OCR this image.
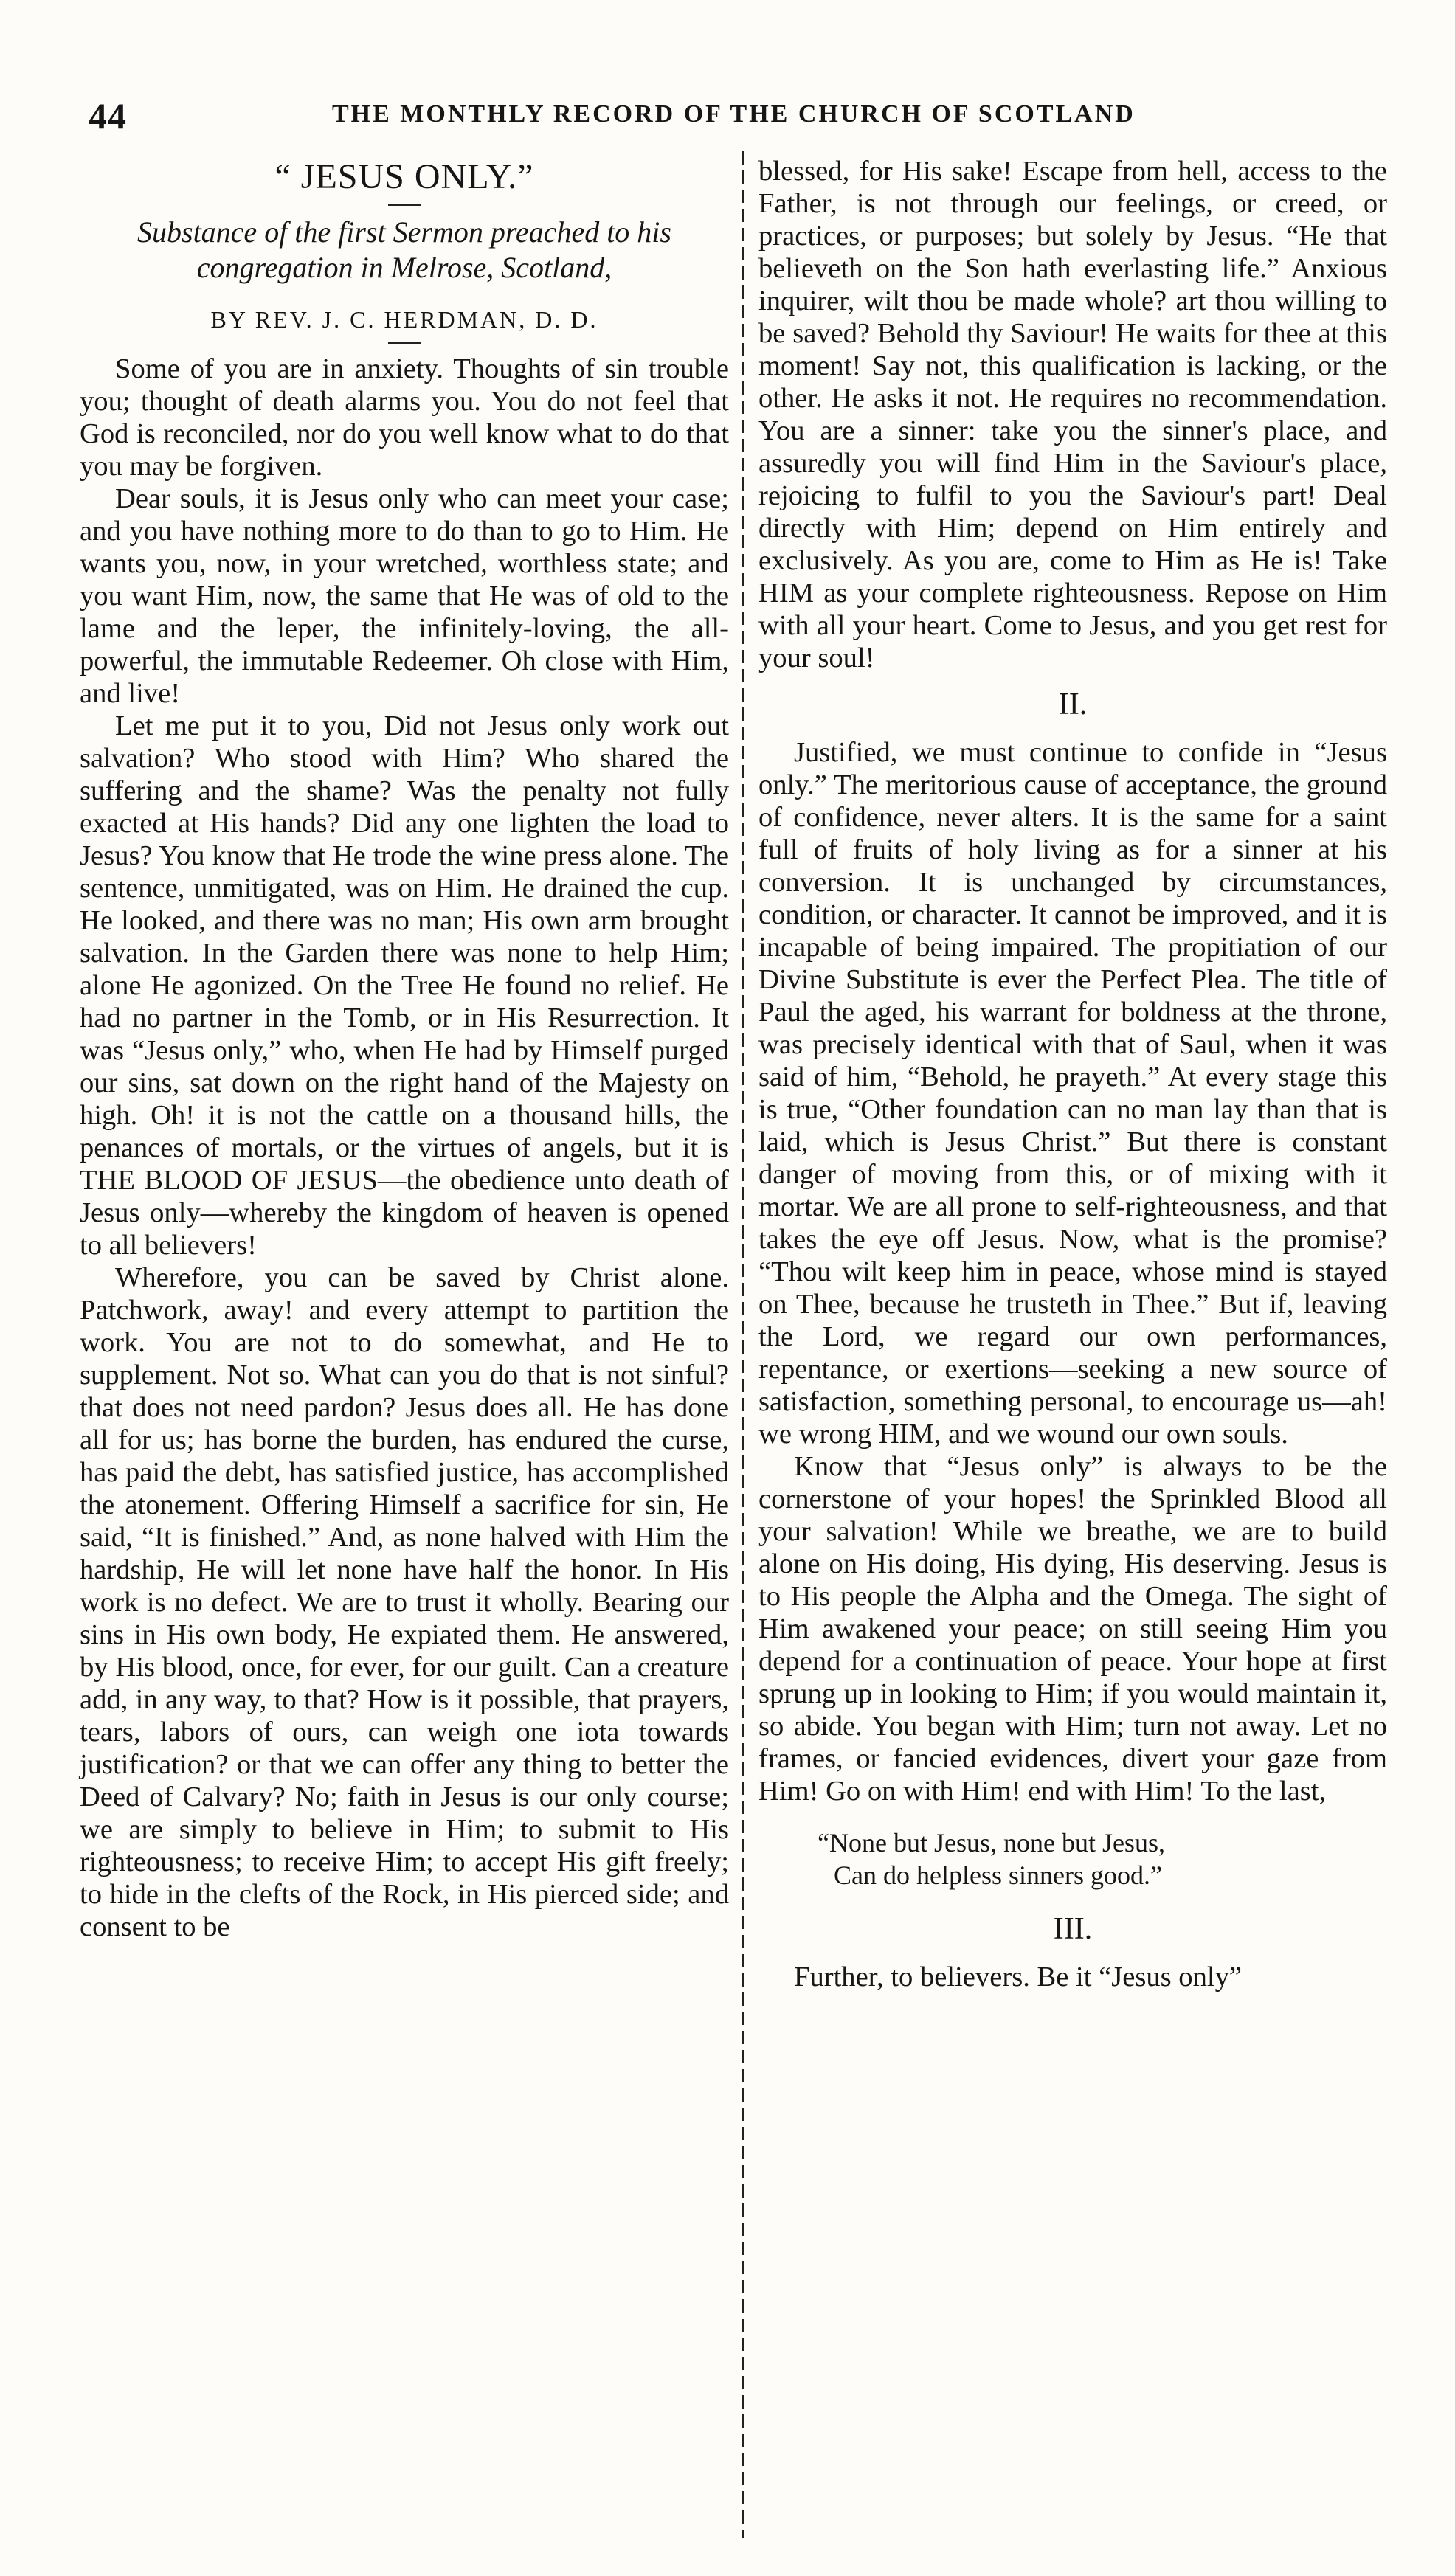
44	THE MONTHLY RECORD OF THE CHURCH OF SCOTLAND
“ JESUS ONLY.”
Substance of the first Sermon preached to his congregation in Melrose, Scotland,
BY REV. J. C. HERDMAN, D. D.

Some of you are in anxiety. Thoughts of sin trouble you; thought of death alarms you. You do not feel that God is reconciled, nor do you well know what to do that you may be forgiven.

Dear souls, it is Jesus only who can meet your case; and you have nothing more to do than to go to Him. He wants you, now, in your wretched, worthless state; and you want Him, now, the same that He was of old to the lame and the leper, the infinitely-loving, the all-powerful, the immutable Redeemer. Oh close with Him, and live!

Let me put it to you, Did not Jesus only work out salvation? Who stood with Him? Who shared the suffering and the shame? Was the penalty not fully exacted at His hands? Did any one lighten the load to Jesus? You know that He trode the wine press alone. The sentence, unmitigated, was on Him. He drained the cup. He looked, and there was no man; His own arm brought salvation. In the Garden there was none to help Him; alone He agonized. On the Tree He found no relief. He had no partner in the Tomb, or in His Resurrection. It was “Jesus only,” who, when He had by Himself purged our sins, sat down on the right hand of the Majesty on high. Oh! it is not the cattle on a thousand hills, the penances of mortals, or the virtues of angels, but it is THE BLOOD OF JESUS—the obedience unto death of Jesus only—whereby the kingdom of heaven is opened to all believers!

Wherefore, you can be saved by Christ alone. Patchwork, away! and every attempt to partition the work. You are not to do somewhat, and He to supplement. Not so. What can you do that is not sinful? that does not need pardon? Jesus does all. He has done all for us; has borne the burden, has endured the curse, has paid the debt, has satisfied justice, has accomplished the atonement. Offering Himself a sacrifice for sin, He said, “It is finished.” And, as none halved with Him the hardship, He will let none have half the honor. In His work is no defect. We are to trust it wholly. Bearing our sins in His own body, He expiated them. He answered, by His blood, once, for ever, for our guilt. Can a creature add, in any way, to that? How is it possible, that prayers, tears, labors of ours, can weigh one iota towards justification? or that we can offer any thing to better the Deed of Calvary? No; faith in Jesus is our only course; we are simply to believe in Him; to submit to His righteousness; to receive Him; to accept His gift freely; to hide in the clefts of the Rock, in His pierced side; and consent to be

blessed, for His sake! Escape from hell, access to the Father, is not through our feelings, or creed, or practices, or purposes; but solely by Jesus. “He that believeth on the Son hath everlasting life.” Anxious inquirer, wilt thou be made whole? art thou willing to be saved? Behold thy Saviour! He waits for thee at this moment! Say not, this qualification is lacking, or the other. He asks it not. He requires no recommendation. You are a sinner: take you the sinner's place, and assuredly you will find Him in the Saviour's place, rejoicing to fulfil to you the Saviour's part! Deal directly with Him; depend on Him entirely and exclusively. As you are, come to Him as He is! Take HIM as your complete righteousness. Repose on Him with all your heart. Come to Jesus, and you get rest for your soul!

II.

Justified, we must continue to confide in “Jesus only.” The meritorious cause of acceptance, the ground of confidence, never alters. It is the same for a saint full of fruits of holy living as for a sinner at his conversion. It is unchanged by circumstances, condition, or character. It cannot be improved, and it is incapable of being impaired. The propitiation of our Divine Substitute is ever the Perfect Plea. The title of Paul the aged, his warrant for boldness at the throne, was precisely identical with that of Saul, when it was said of him, “Behold, he prayeth.” At every stage this is true, “Other foundation can no man lay than that is laid, which is Jesus Christ.” But there is constant danger of moving from this, or of mixing with it mortar. We are all prone to self-righteousness, and that takes the eye off Jesus. Now, what is the promise? “Thou wilt keep him in peace, whose mind is stayed on Thee, because he trusteth in Thee.” But if, leaving the Lord, we regard our own performances, repentance, or exertions—seeking a new source of satisfaction, something personal, to encourage us—ah! we wrong HIM, and we wound our own souls.

Know that “Jesus only” is always to be the cornerstone of your hopes! the Sprinkled Blood all your salvation! While we breathe, we are to build alone on His doing, His dying, His deserving. Jesus is to His people the Alpha and the Omega. The sight of Him awakened your peace; on still seeing Him you depend for a continuation of peace. Your hope at first sprung up in looking to Him; if you would maintain it, so abide. You began with Him; turn not away. Let no frames, or fancied evidences, divert your gaze from Him! Go on with Him! end with Him! To the last,

“None but Jesus, none but Jesus,
Can do helpless sinners good.”
III.

Further, to believers. Be it “Jesus only”
